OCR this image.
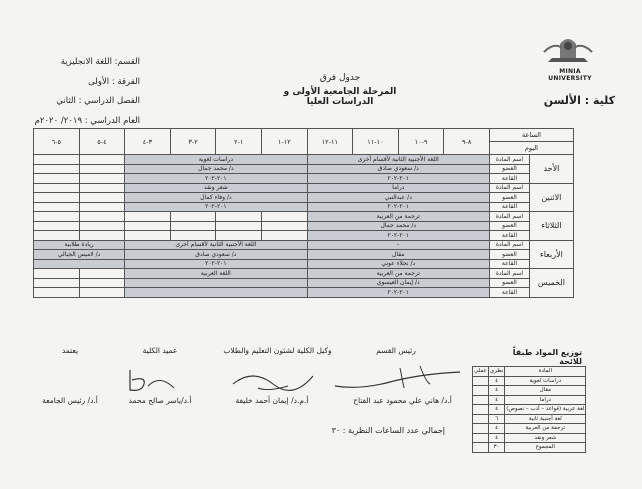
MINIA UNIVERSITY
كلية : الألسن
جدول فرق
المرحلة الجامعية الأولى و الدراسات العليا
القسم: اللغة الانجليزية
الفرقة : الأولى
الفصل الدراسي : الثاني
العام الدراسي : ٢٠١٩/ ٢٠٢٠م
الساعة		٨-٩	٩-١٠	١٠-١١	١١-١٢	١٢-١	١-٢	٢-٣	٣-٤	٤-٥	٥-٦
اليوم											
الأحد	اسم المادة	اللغة الأجنبية الثانية لأقسام أخرى				دراسات لغوية					
	العضو	د/ سعودي صادق				د/ محمد جمال					
	القاعة	٢٠١-٢٠٢				٢٠١-٢٠٢					
الاثنين	اسم المادة	دراما				شعر ونقد					
	العضو	د/ عبدالنبي				د/ وفاء كمال					
	القاعة	٢٠١-٢٠٢				٢٠١-٢٠٢					
الثلاثاء	اسم المادة	ترجمة من العربية									
	العضو	د/ محمد جمال									
	القاعة	٢٠١-٢٠٢									
الأربعاء	اسم المادة	-				اللغة الأجنبية الثانية لأقسام أخرى				ريادة طلابية	
	العضو	مقال				د/ سعودي صادق				د/ لاميس الجبالي	
	القاعة	د/ نجلاء عوني				٢٠١-٢٠٢					
الخميس	اسم المادة	ترجمة من العربية				اللغة العربية					
	العضو	د/ إيمان العيسوي									
	القاعة	٢٠١-٢٠٢									
رئيس القسم
أ.د/ هاني علي محمود عبد الفتاح
وكيل الكلية لشئون التعليم والطلاب
أ.م.د/ إيمان أحمد خليفة
عميد الكلية
أ.د/ياسر صالح محمد
يعتمد
أ.د/ رئيس الجامعة
توزيع المواد طبقاً للائحة
المادة	نظري	عملي
دراسات لغوية	٤	
مقال	٤	
دراما	٤	
لغة عربية (قواعد – أدب – نصوص)	٤	
لغة أجنبية ثانية	٦	
ترجمة من العربية	٤	
شعر ونقد	٤	
المجموع	٣٠	
إجمالي عدد الساعات النظرية : ٣٠
